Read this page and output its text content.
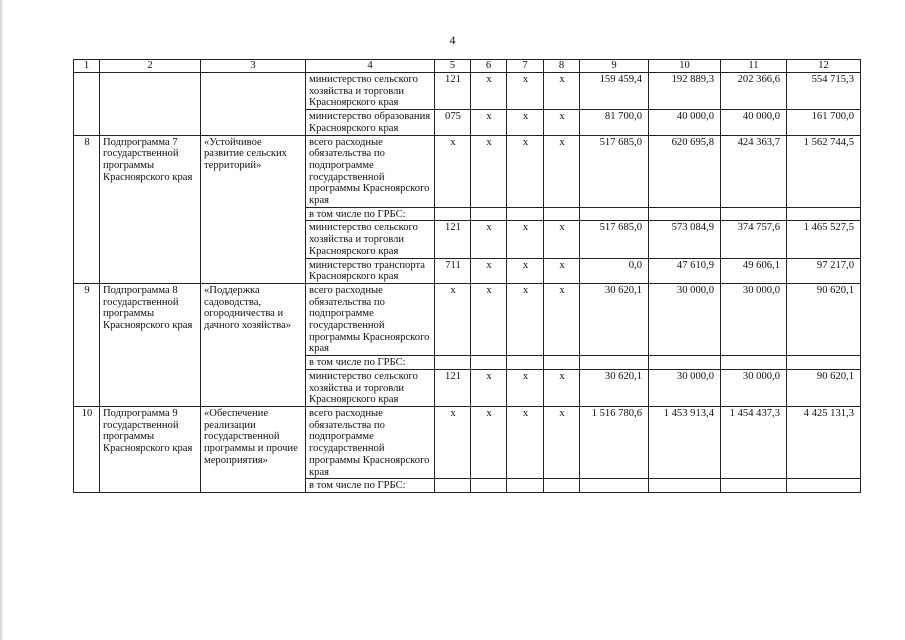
4
1	2	3	4	5	6	7	8	9	10	11	12
			министерство сельского хозяйства и торговли Красноярского края	121	х	х	х	159 459,4	192 889,3	202 366,6	554 715,3
			министерство образования Красноярского края	075	х	х	х	81 700,0	40 000,0	40 000,0	161 700,0
8	Подпрограмма 7 государственной программы Красноярского края	«Устойчивое развитие сельских территорий»	всего расходные обязательства по подпрограмме государственной программы Красноярского края	х	х	х	х	517 685,0	620 695,8	424 363,7	1 562 744,5
			в том числе по ГРБС:								
			министерство сельского хозяйства и торговли Красноярского края	121	х	х	х	517 685,0	573 084,9	374 757,6	1 465 527,5
			министерство транспорта Красноярского края	711	х	х	х	0,0	47 610,9	49 606,1	97 217,0
9	Подпрограмма 8 государственной программы Красноярского края	«Поддержка садоводства, огородничества и дачного хозяйства»	всего расходные обязательства по подпрограмме государственной программы Красноярского края	х	х	х	х	30 620,1	30 000,0	30 000,0	90 620,1
			в том числе по ГРБС:								
			министерство сельского хозяйства и торговли Красноярского края	121	х	х	х	30 620,1	30 000,0	30 000,0	90 620,1
10	Подпрограмма 9 государственной программы Красноярского края	«Обеспечение реализации государственной программы и прочие мероприятия»	всего расходные обязательства по подпрограмме государственной программы Красноярского края	х	х	х	х	1 516 780,6	1 453 913,4	1 454 437,3	4 425 131,3
			в том числе по ГРБС:								
